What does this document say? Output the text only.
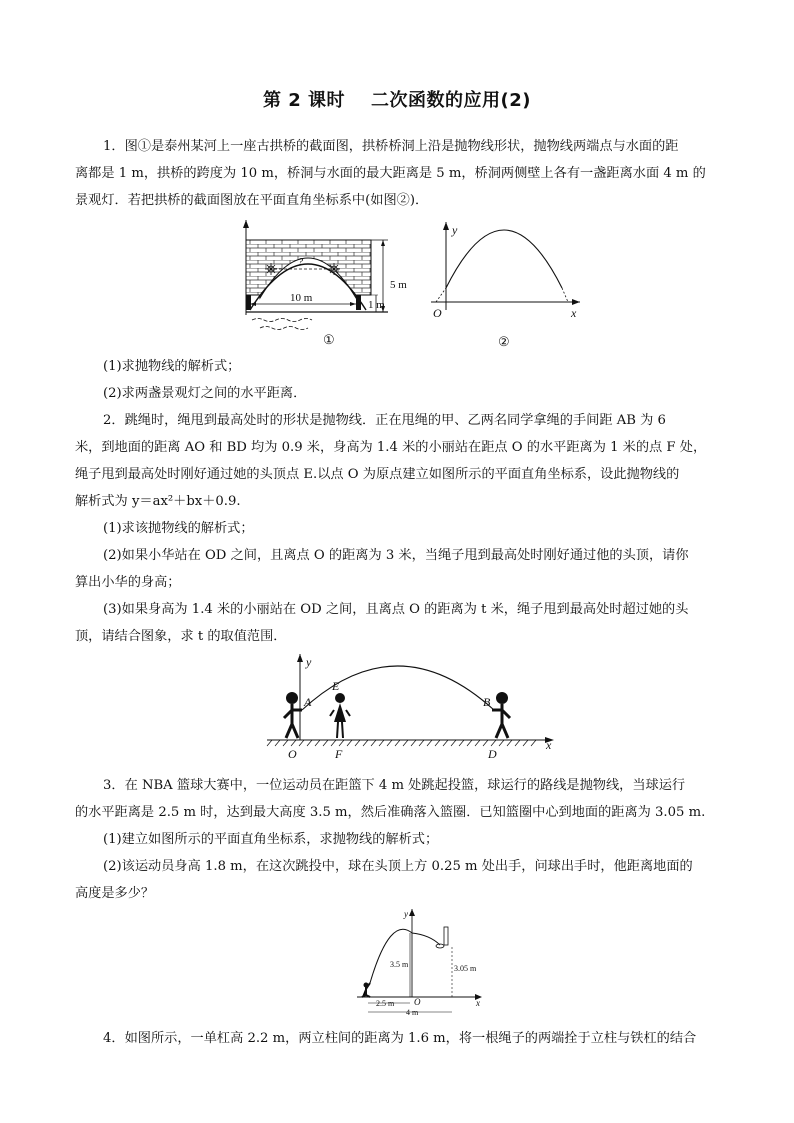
第 2 课时 二次函数的应用(2)
1．图①是泰州某河上一座古拱桥的截面图，拱桥桥洞上沿是抛物线形状，抛物线两端点与水面的距
离都是 1 m，拱桥的跨度为 10 m，桥洞与水面的最大距离是 5 m，桥洞两侧壁上各有一盏距离水面 4 m 的
景观灯．若把拱桥的截面图放在平面直角坐标系中(如图②)．
?
10 m
5 m
1 m
①
y
x
O
②
(1)求抛物线的解析式；
(2)求两盏景观灯之间的水平距离．
2．跳绳时，绳甩到最高处时的形状是抛物线．正在甩绳的甲、乙两名同学拿绳的手间距 AB 为 6
米，到地面的距离 AO 和 BD 均为 0.9 米，身高为 1.4 米的小丽站在距点 O 的水平距离为 1 米的点 F 处，
绳子甩到最高处时刚好通过她的头顶点 E.以点 O 为原点建立如图所示的平面直角坐标系，设此抛物线的
解析式为 y＝ax²＋bx＋0.9.
(1)求该抛物线的解析式；
(2)如果小华站在 OD 之间，且离点 O 的距离为 3 米，当绳子甩到最高处时刚好通过他的头顶，请你
算出小华的身高；
(3)如果身高为 1.4 米的小丽站在 OD 之间，且离点 O 的距离为 t 米，绳子甩到最高处时超过她的头
顶，请结合图象，求 t 的取值范围．
y
x
O	F	D
A
E
B
3．在 NBA 篮球大赛中，一位运动员在距篮下 4 m 处跳起投篮，球运行的路线是抛物线，当球运行
的水平距离是 2.5 m 时，达到最大高度 3.5 m，然后准确落入篮圈．已知篮圈中心到地面的距离为 3.05 m.
(1)建立如图所示的平面直角坐标系，求抛物线的解析式；
(2)该运动员身高 1.8 m，在这次跳投中，球在头顶上方 0.25 m 处出手，问球出手时，他距离地面的
高度是多少？
y
x
O
3.5 m	3.05 m
2.5 m
4 m
4．如图所示，一单杠高 2.2 m，两立柱间的距离为 1.6 m，将一根绳子的两端拴于立柱与铁杠的结合
